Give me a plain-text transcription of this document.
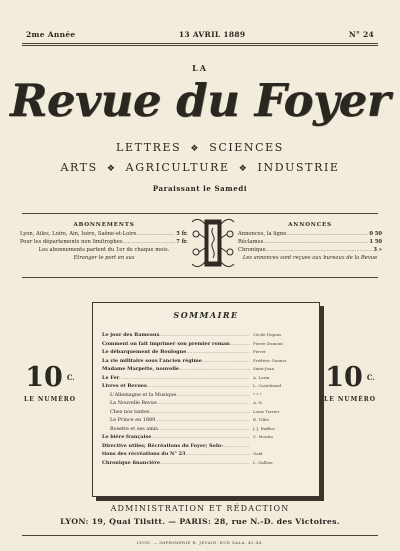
2me Année	13 AVRIL 1889	N° 24
LA
Revue du Foyer
LETTRES ❖ SCIENCES
ARTS ❖ AGRICULTURE ❖ INDUSTRIE
Paraissant le Samedi
ABONNEMENTS
Lyon, Ailes, Loire, Ain, Isère, Saône-et-Loire .....	5 fr.
Pour les départements non limitrophes .....	7 fr.
Les abonnements partent du 1er de chaque mois.
Etranger le port en sus
ANNONCES
Annonces, la ligne .....	0 50
Réclames .....	1 50
Chronique .....	3 »
Les annonces sont reçues aux bureaux de la Revue
10 $^{C.}$
LE NUMÉRO
SOMMAIRE
Le jour des Rameaux .....	Cécile Dupuis
Comment on fait imprimer son premier roman .....	Pierre Dumont
Le débarquement de Boulogne .....	Fiever
La vie militaire sous l'ancien régime .....	Frédéric Gonnet
Madame Marpette, nouvelle .....	Saint-Juan
Le Fer .....	A. Lorin
Livres et Revues .....	L. Castelnaud
L'Allemagne et la Musique .....	* * *
La Nouvelle Revue .....	A. N.
Chez nos tantes .....	Louis Terrier
Le Prince en 1889 .....	R. Tillet
Rosette et ses amis .....	J.-J. Buffier
Le bière française .....	C. Moutin
Directive utiles; Récréations du Foyer; Solu-
.....
tions des récréations du N° 23 .....	Gaïd
Chronique financière .....	L. Gallien
10 $^{C.}$
LE NUMÉRO
ADMINISTRATION ET RÉDACTION
LYON: 19, Quai Tilsitt. — PARIS: 28, rue N.-D. des Victoires.
LYON. — IMPRIMERIE R. JEVAIN, RUE SALA, 42-44.
